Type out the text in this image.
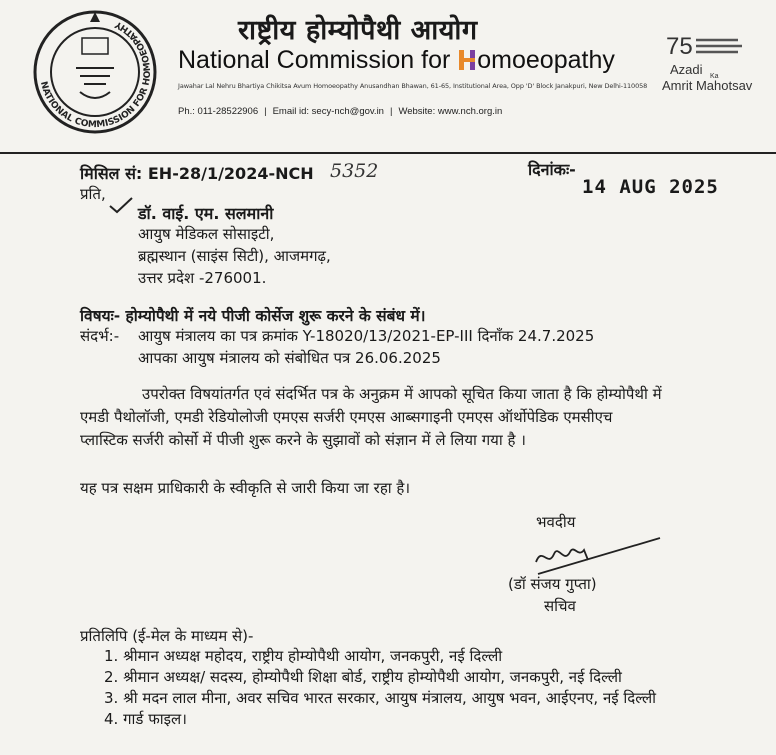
NATIONAL COMMISSION FOR HOMOEOPATHY	राष्ट्रीय होम्योपैथी आयोग
National Commission for omoeopathy
Jawahar Lal Nehru Bhartiya Chikitsa Avum Homoeopathy Anusandhan Bhawan, 61-65, Institutional Area, Opp 'D' Block Janakpuri, New Delhi-110058
Ph.: 011-28522906 | Email id: secy-nch@gov.in | Website: www.nch.org.in
75
Azadi Ka
Amrit Mahotsav
मिसिल सं: EH-28/1/2024-NCH 5352	दिनांकः-
14 AUG 2025
प्रति,
डॉ. वाई. एम. सलमानी
आयुष मेडिकल सोसाइटी,
ब्रह्मस्थान (साइंस सिटी), आजमगढ़,
उत्तर प्रदेश -276001.
विषयः- होम्योपैथी में नये पीजी कोर्सेज शुरू करने के संबंध में।
संदर्भ:- आयुष मंत्रालय का पत्र क्रमांक Y-18020/13/2021-EP-III दिनाँक 24.7.2025
आपका आयुष मंत्रालय को संबोधित पत्र 26.06.2025
उपरोक्त विषयांतर्गत एवं संदर्भित पत्र के अनुक्रम में आपको सूचित किया जाता है कि होम्योपैथी में
एमडी पैथोलॉजी, एमडी रेडियोलोजी एमएस सर्जरी एमएस आब्सगाइनी एमएस ऑर्थोपेडिक एमसीएच
प्लास्टिक सर्जरी कोर्सो में पीजी शुरू करने के सुझावों को संज्ञान में ले लिया गया है ।
यह पत्र सक्षम प्राधिकारी के स्वीकृति से जारी किया जा रहा है।
भवदीय
(डॉ संजय गुप्ता)
सचिव
प्रतिलिपि (ई-मेल के माध्यम से)-
1. श्रीमान अध्यक्ष महोदय, राष्ट्रीय होम्योपैथी आयोग, जनकपुरी, नई दिल्ली
2. श्रीमान अध्यक्ष/ सदस्य, होम्योपैथी शिक्षा बोर्ड, राष्ट्रीय होम्योपैथी आयोग, जनकपुरी, नई दिल्ली
3. श्री मदन लाल मीना, अवर सचिव भारत सरकार, आयुष मंत्रालय, आयुष भवन, आईएनए, नई दिल्ली
4. गार्ड फाइल।
